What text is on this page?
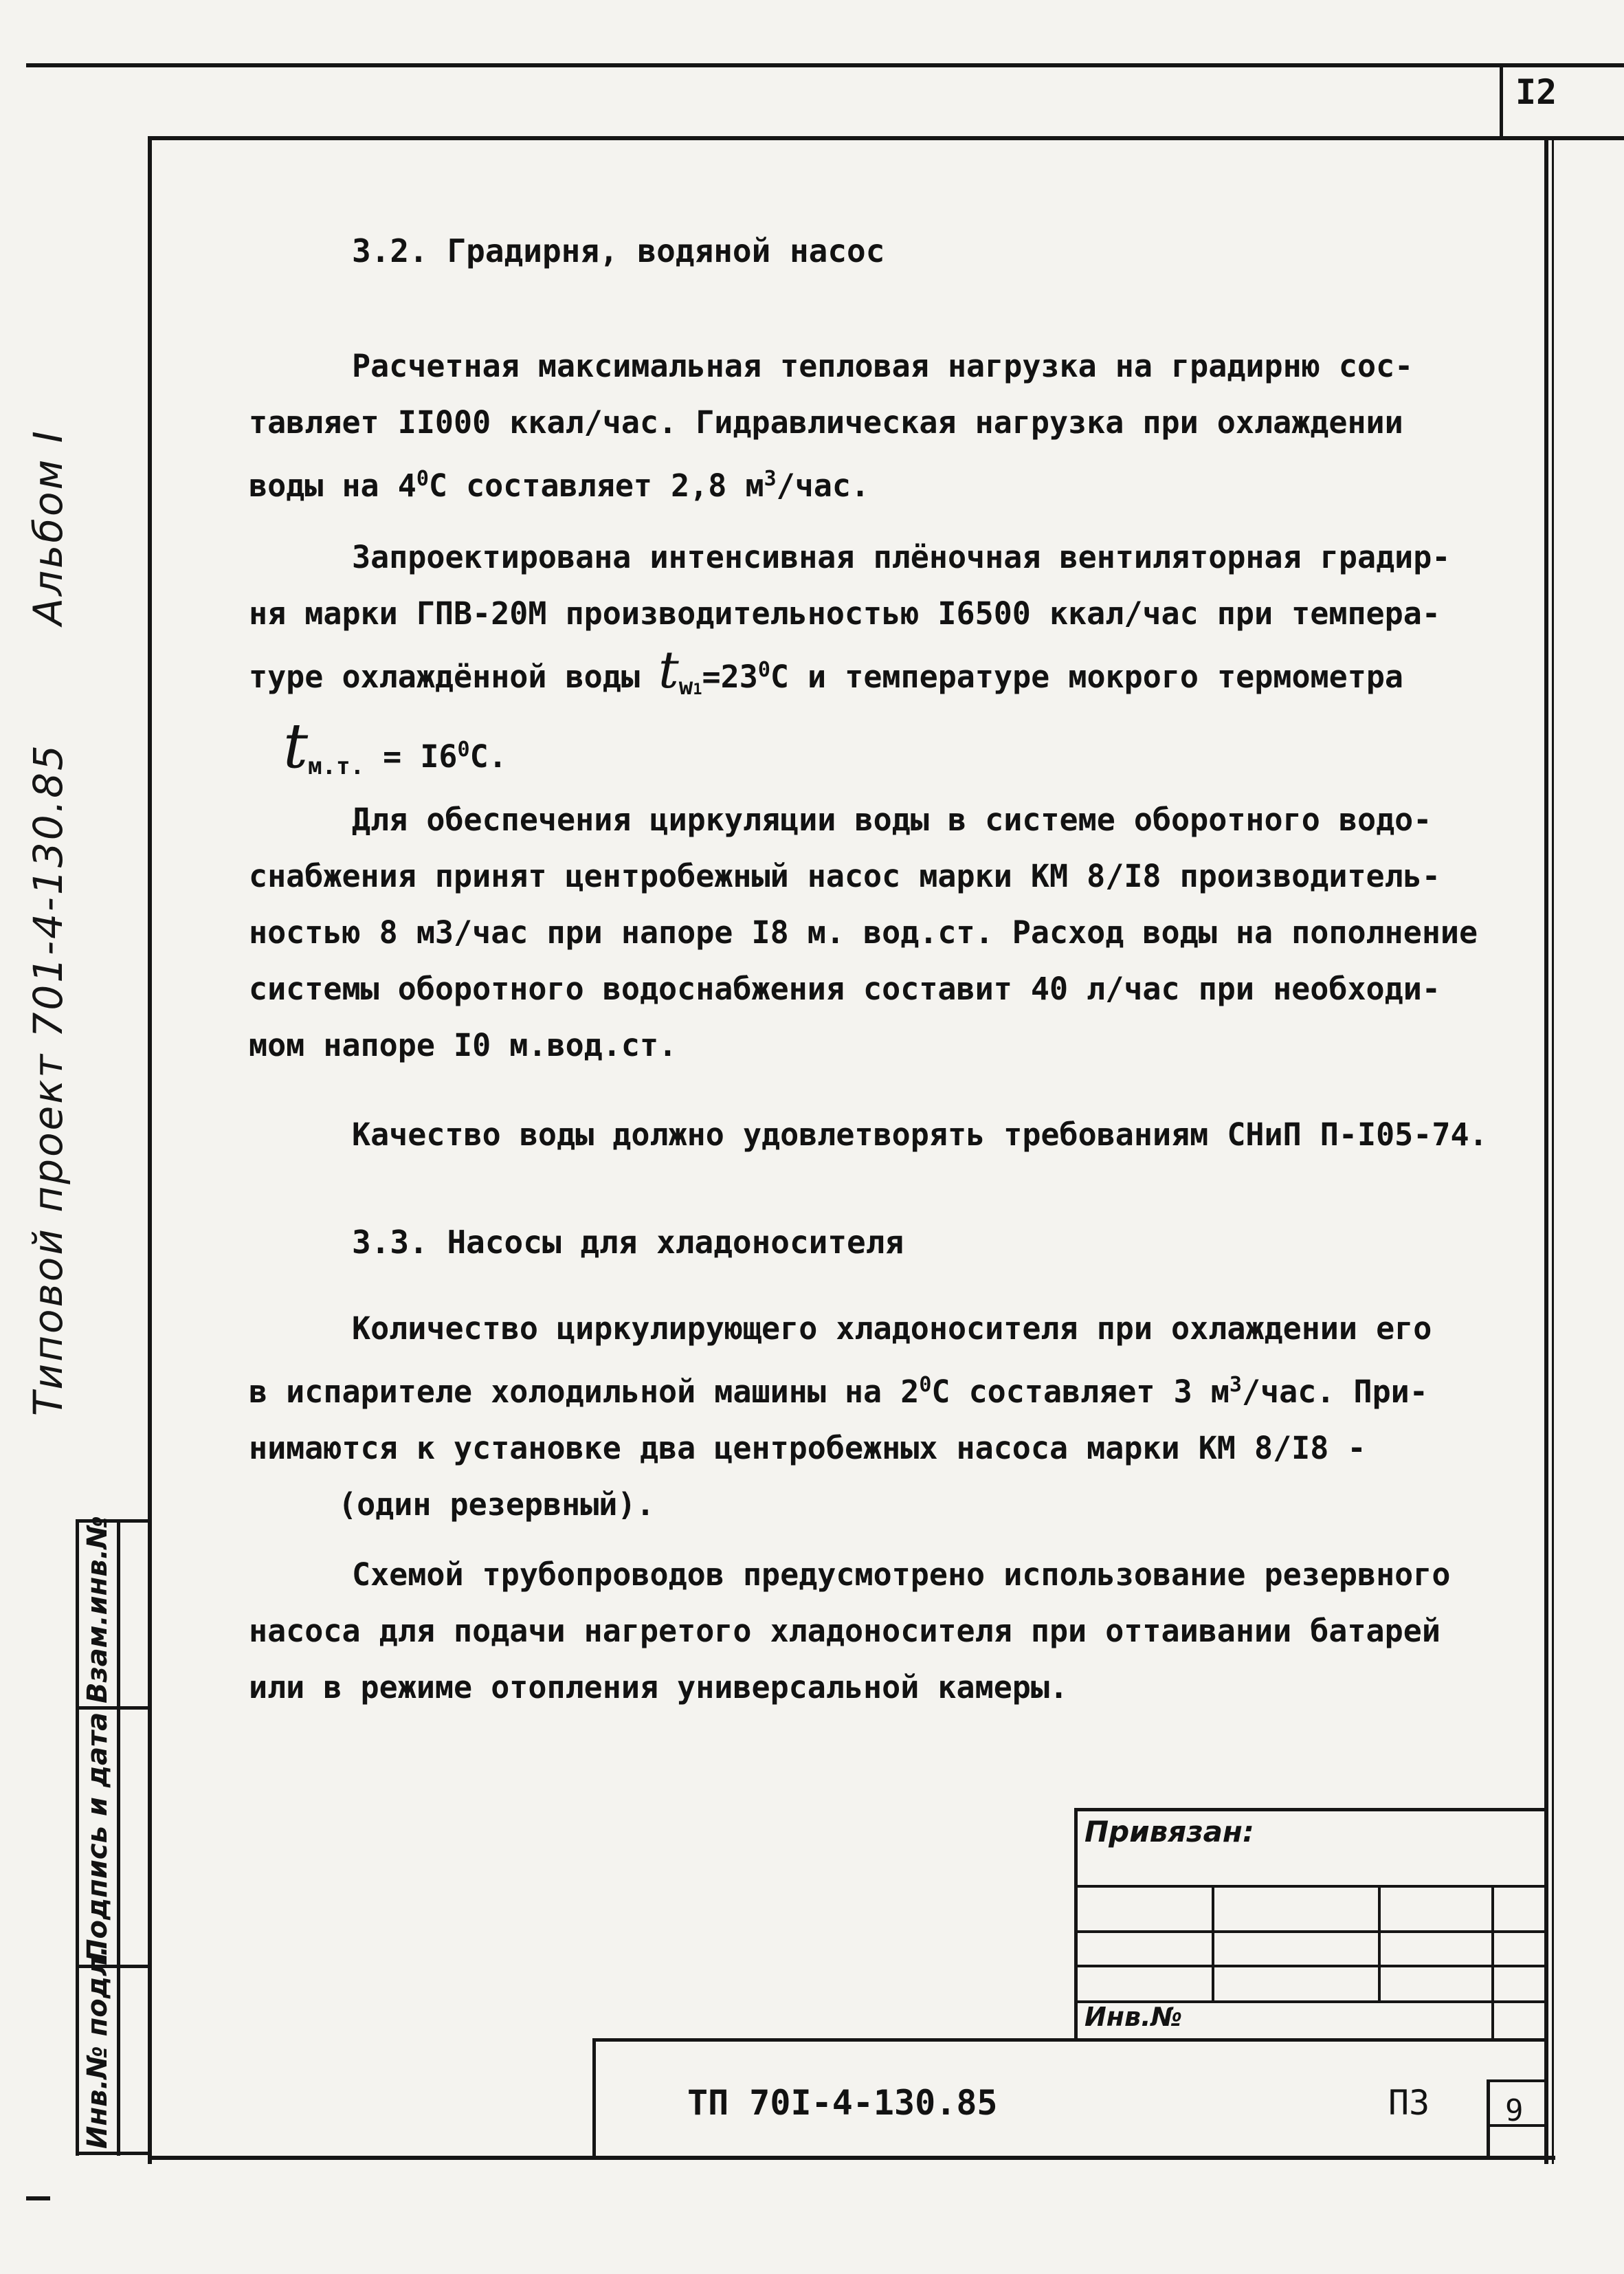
I2
Типовой проект 701-4-130.85 Альбом I
Взам.инв.№
Подпись и дата
Инв.№ подл.
3.2. Градирня, водяной насос
Расчетная максимальная тепловая нагрузка на градирню сос-
тавляет II000 ккал/час. Гидравлическая нагрузка при охлаждении
воды на $4^0С$ составляет 2,8 $м^3$/час.
Запроектирована интенсивная плёночная вентиляторная градир-
ня марки ГПВ-20М производительностью I6500 ккал/час при темпера-
туре охлаждённой воды $t_{w1}=23^0С$ и температуре мокрого термометра
$t_{м.т.} = I6^0С$.
Для обеспечения циркуляции воды в системе оборотного водо-
снабжения принят центробежный насос марки КМ 8/I8 производитель-
ностью 8 м3/час при напоре I8 м. вод.ст. Расход воды на пополнение
системы оборотного водоснабжения составит 40 л/час при необходи-
мом напоре I0 м.вод.ст.
Качество воды должно удовлетворять требованиям СНиП П-I05-74.
3.3. Насосы для хладоносителя
Количество циркулирующего хладоносителя при охлаждении его
в испарителе холодильной машины на $2^0С$ составляет 3 $м^3$/час. При-
нимаются к установке два центробежных насоса марки КМ 8/I8 -
(один резервный).
Схемой трубопроводов предусмотрено использование резервного
насоса для подачи нагретого хладоносителя при оттаивании батарей
или в режиме отопления универсальной камеры.
Привязан:
Инв.№
ТП 70I-4-130.85	ПЗ 9
